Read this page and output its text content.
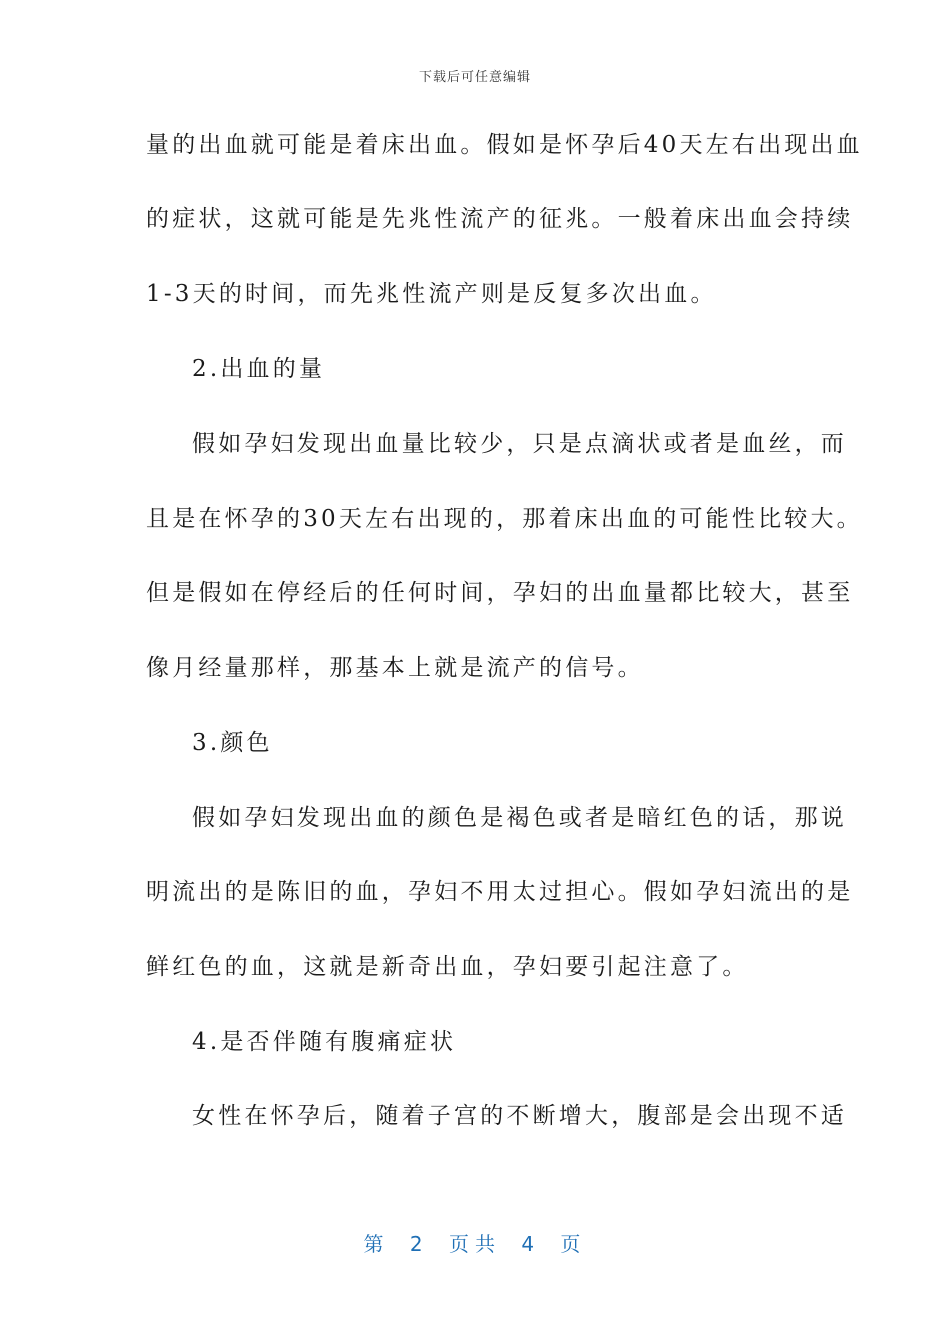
下载后可任意编辑
量的出血就可能是着床出血。假如是怀孕后40天左右出现出血
的症状，这就可能是先兆性流产的征兆。一般着床出血会持续
1-3天的时间，而先兆性流产则是反复多次出血。
2.出血的量
假如孕妇发现出血量比较少，只是点滴状或者是血丝，而
且是在怀孕的30天左右出现的，那着床出血的可能性比较大。
但是假如在停经后的任何时间，孕妇的出血量都比较大，甚至
像月经量那样，那基本上就是流产的信号。
3.颜色
假如孕妇发现出血的颜色是褐色或者是暗红色的话，那说
明流出的是陈旧的血，孕妇不用太过担心。假如孕妇流出的是
鲜红色的血，这就是新奇出血，孕妇要引起注意了。
4.是否伴随有腹痛症状
女性在怀孕后，随着子宫的不断增大，腹部是会出现不适
第 2 页共 4 页
